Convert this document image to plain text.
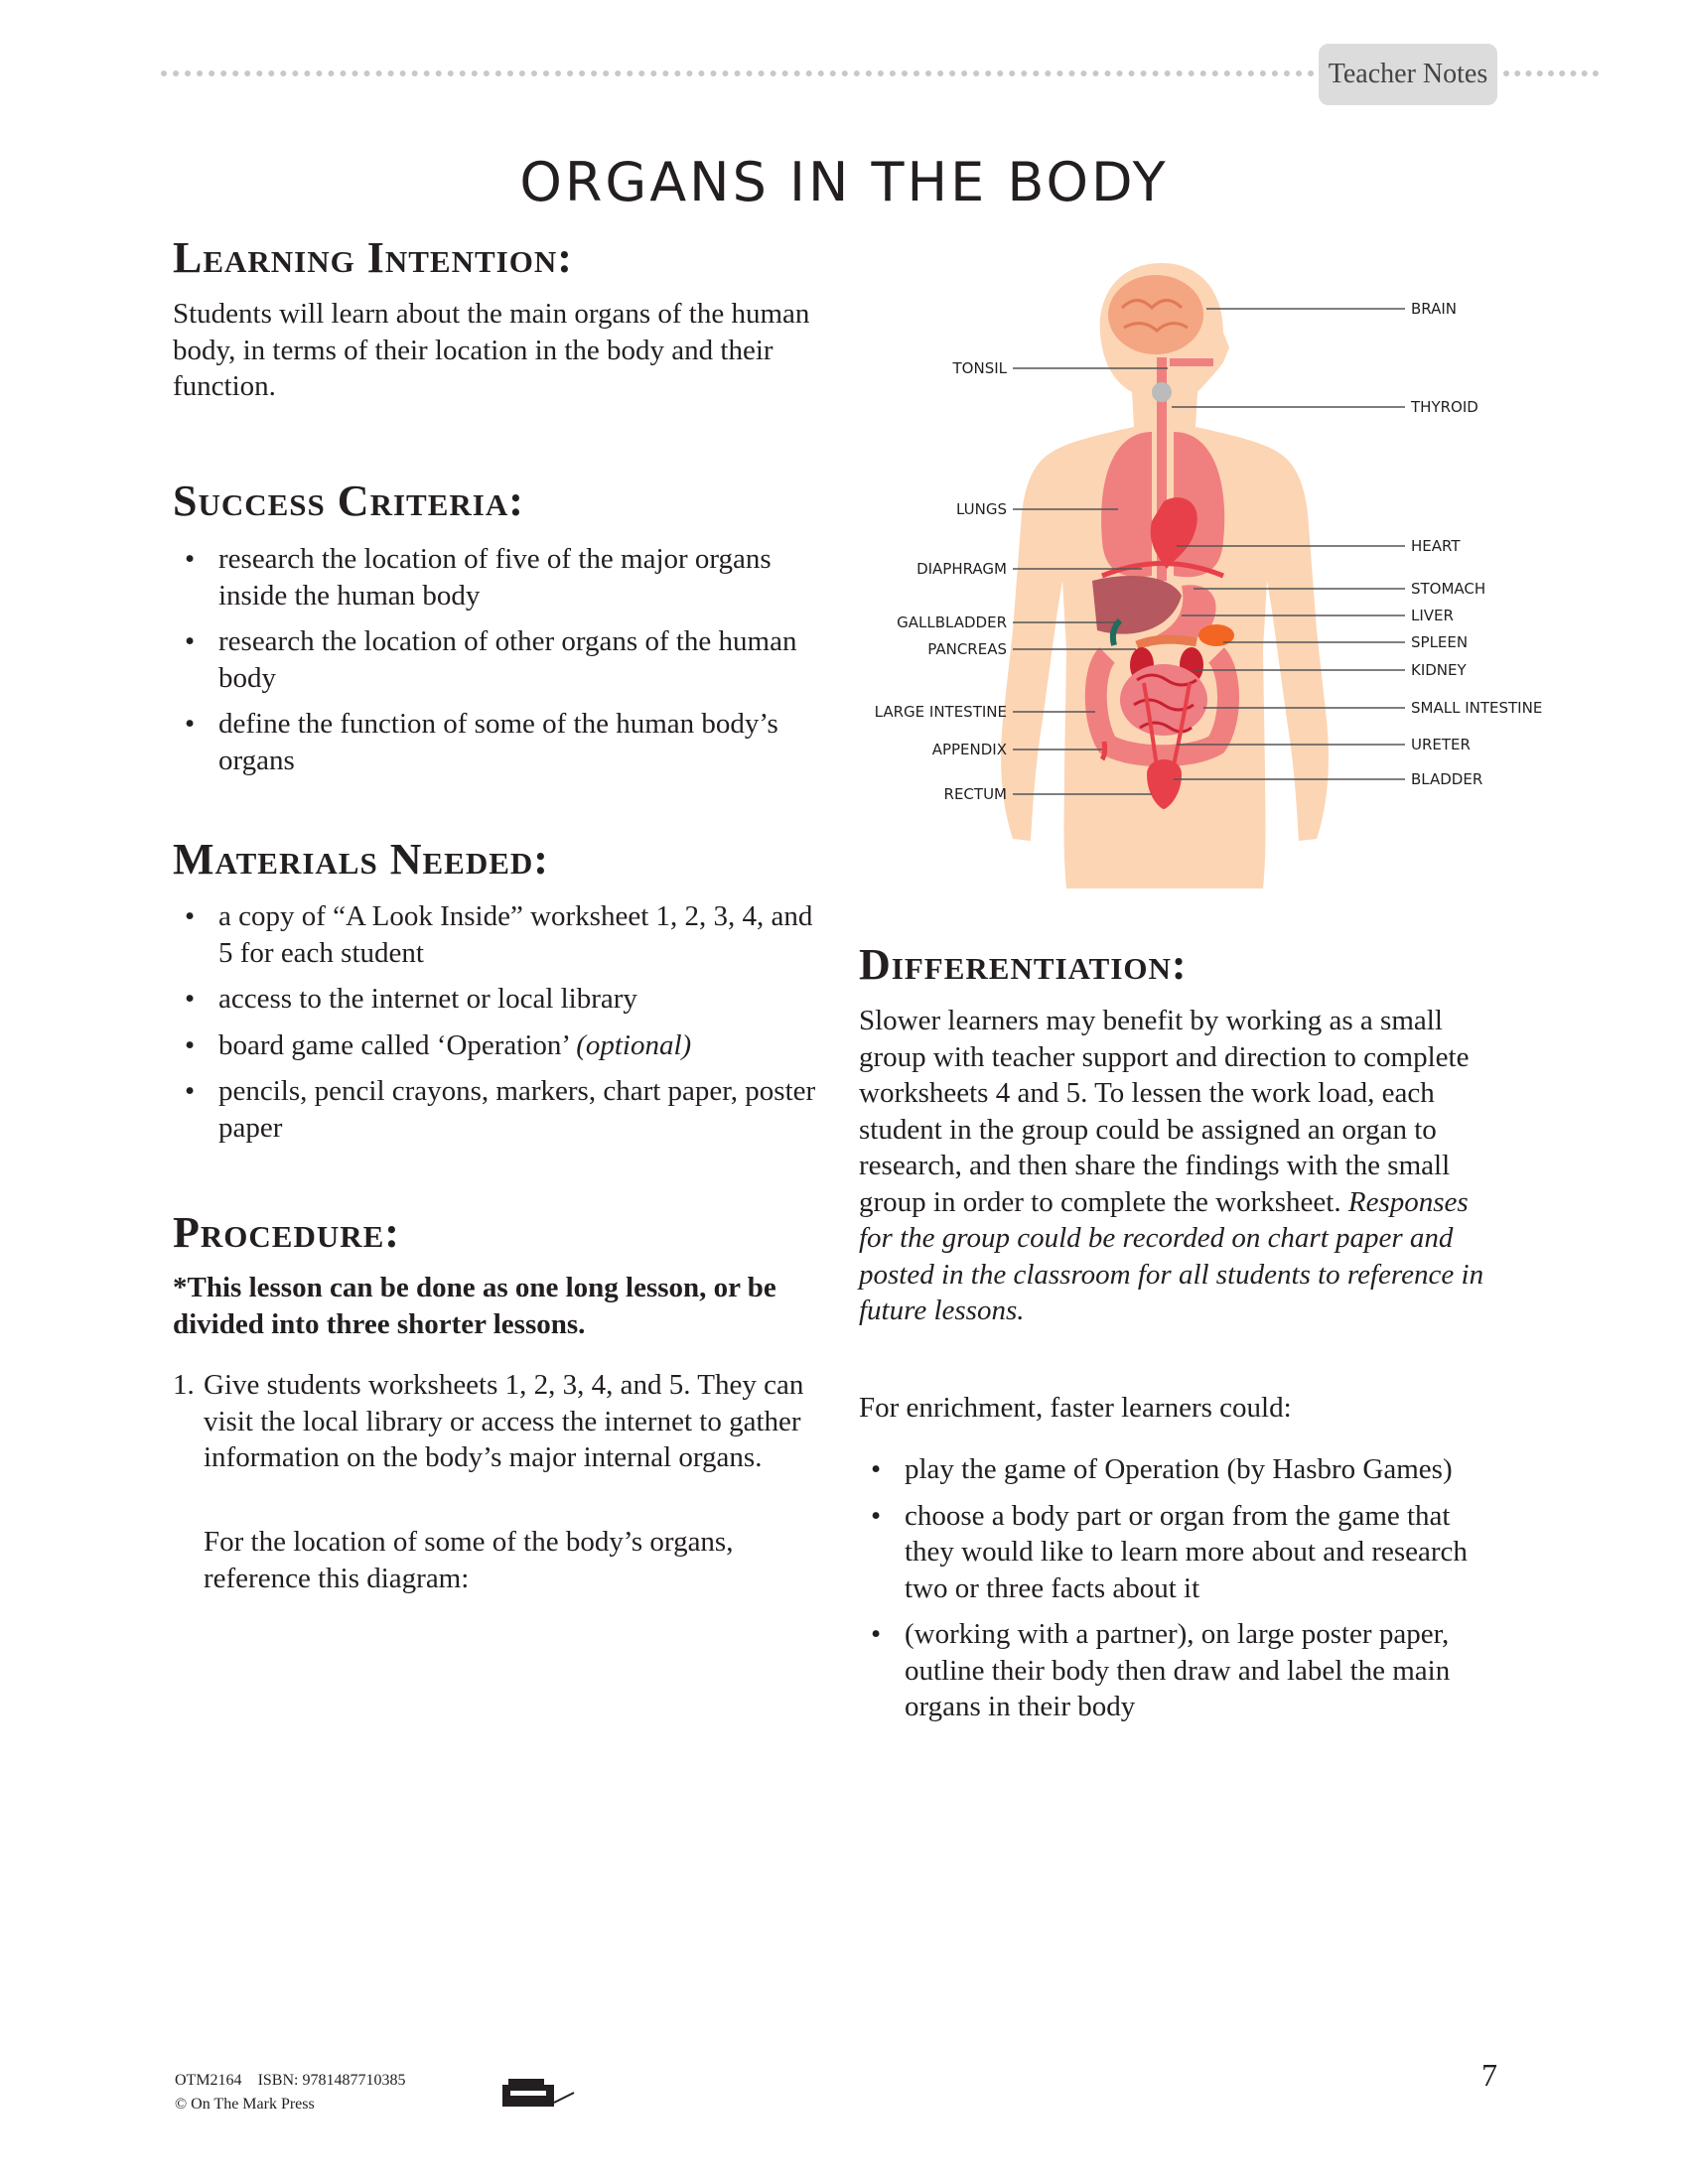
Teacher Notes
ORGANS IN THE BODY
Learning Intention:

Students will learn about the main organs of the human body, in terms of their location in the body and their function.

Success Criteria:
• research the location of five of the major organs inside the human body
• research the location of other organs of the human body
• define the function of some of the human body’s organs
Materials Needed:
• a copy of “A Look Inside” worksheet 1, 2, 3, 4, and 5 for each student
• access to the internet or local library
• board game called ‘Operation’ (optional)
• pencils, pencil crayons, markers, chart paper, poster paper
Procedure:

*This lesson can be done as one long lesson, or be divided into three shorter lessons.

1. Give students worksheets 1, 2, 3, 4, and 5. They can visit the local library or access the internet to gather information on the body’s major internal organs.

For the location of some of the body’s organs, reference this diagram:

TONSIL
LUNGS
DIAPHRAGM
GALLBLADDER
PANCREAS
LARGE INTESTINE
APPENDIX
RECTUM
BRAIN
THYROID
HEART
STOMACH
LIVER
SPLEEN
KIDNEY
SMALL INTESTINE
URETER
BLADDER
Differentiation:

Slower learners may benefit by working as a small group with teacher support and direction to complete worksheets 4 and 5. To lessen the work load, each student in the group could be assigned an organ to research, and then share the findings with the small group in order to complete the worksheet. Responses for the group could be recorded on chart paper and posted in the classroom for all students to reference in future lessons.

For enrichment, faster learners could:

• play the game of Operation (by Hasbro Games)
• choose a body part or organ from the game that they would like to learn more about and research two or three facts about it
• (working with a partner), on large poster paper, outline their body then draw and label the main organs in their body
OTM2164 ISBN: 9781487710385
© On The Mark Press
7
